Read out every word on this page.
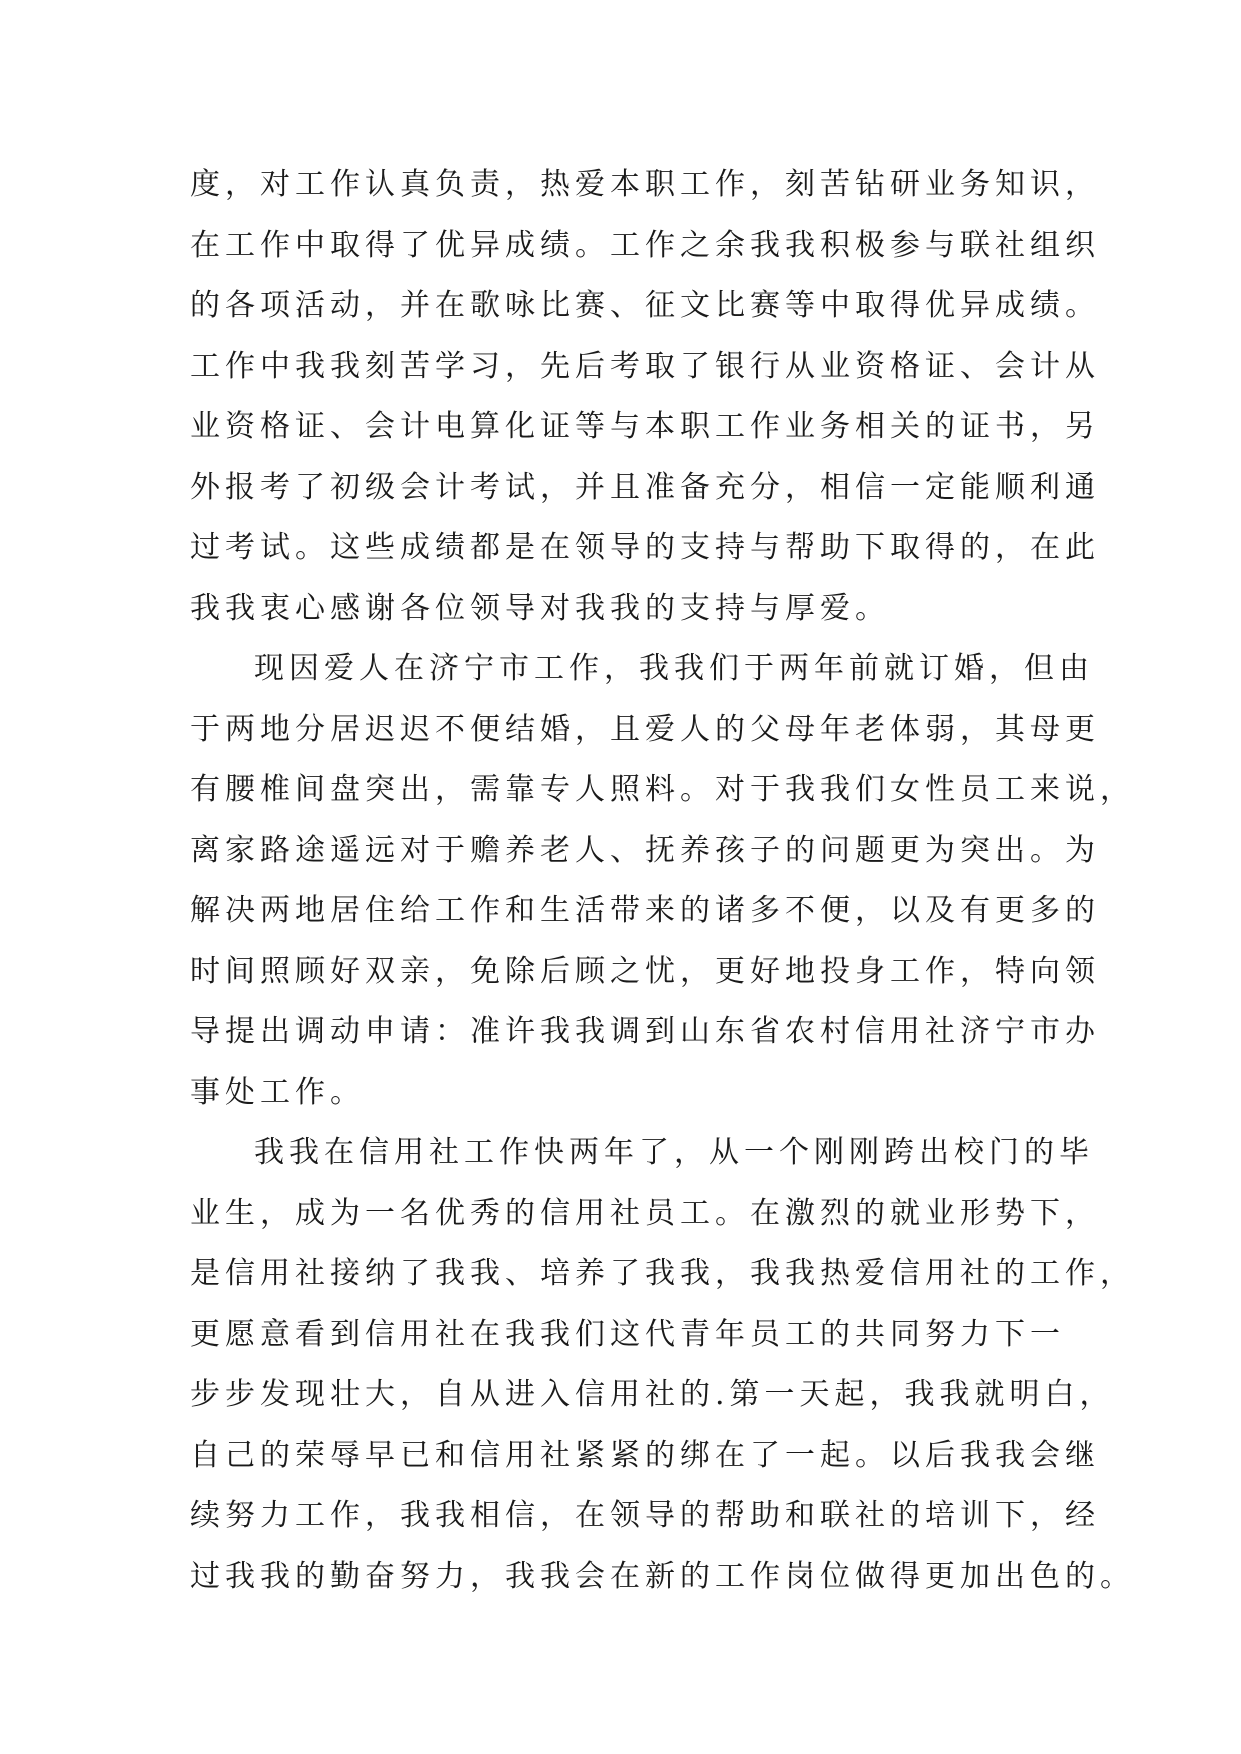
度，对工作认真负责，热爱本职工作，刻苦钻研业务知识，
在工作中取得了优异成绩。工作之余我我积极参与联社组织
的各项活动，并在歌咏比赛、征文比赛等中取得优异成绩。
工作中我我刻苦学习，先后考取了银行从业资格证、会计从
业资格证、会计电算化证等与本职工作业务相关的证书，另
外报考了初级会计考试，并且准备充分，相信一定能顺利通
过考试。这些成绩都是在领导的支持与帮助下取得的，在此
我我衷心感谢各位领导对我我的支持与厚爱。
现因爱人在济宁市工作，我我们于两年前就订婚，但由
于两地分居迟迟不便结婚，且爱人的父母年老体弱，其母更
有腰椎间盘突出，需靠专人照料。对于我我们女性员工来说，
离家路途遥远对于赡养老人、抚养孩子的问题更为突出。为
解决两地居住给工作和生活带来的诸多不便，以及有更多的
时间照顾好双亲，免除后顾之忧，更好地投身工作，特向领
导提出调动申请：准许我我调到山东省农村信用社济宁市办
事处工作。
我我在信用社工作快两年了，从一个刚刚跨出校门的毕
业生，成为一名优秀的信用社员工。在激烈的就业形势下，
是信用社接纳了我我、培养了我我，我我热爱信用社的工作，
更愿意看到信用社在我我们这代青年员工的共同努力下一
步步发现壮大，自从进入信用社的.第一天起，我我就明白，
自己的荣辱早已和信用社紧紧的绑在了一起。以后我我会继
续努力工作，我我相信，在领导的帮助和联社的培训下，经
过我我的勤奋努力，我我会在新的工作岗位做得更加出色的。
